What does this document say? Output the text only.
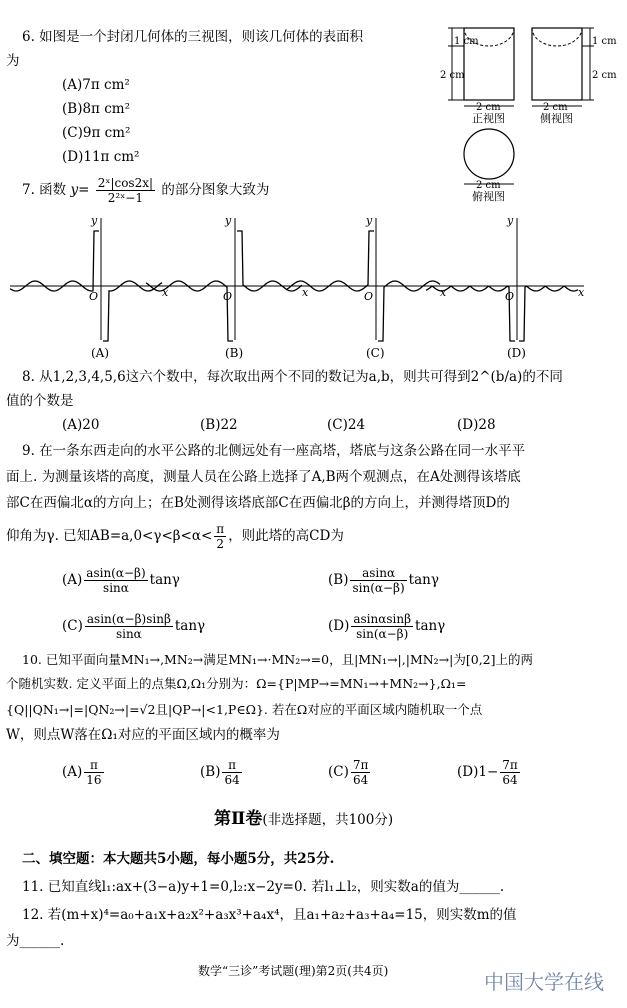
6. 如图是一个封闭几何体的三视图，则该几何体的表面积
为
(A)7π cm²
(B)8π cm²
(C)9π cm²
(D)11π cm²
1 cm
2 cm
2 cm
正视图
1 cm
2 cm
2 cm
侧视图
2 cm
俯视图
7. 函数 $y= \frac{\text{2ˣ|cos2x|}}{\text{2²ˣ−1}}$ 的部分图象大致为
x
y
O
(A)
x
y
O
(B)
x
y
O
(C)
x
y
O
(D)
8. 从1,2,3,4,5,6这六个数中，每次取出两个不同的数记为a,b，则共可得到2^(b/a)的不同
值的个数是
(A)20	(B)22	(C)24	(D)28
9. 在一条东西走向的水平公路的北侧远处有一座高塔，塔底与这条公路在同一水平平
面上. 为测量该塔的高度，测量人员在公路上选择了A,B两个观测点，在A处测得该塔底
部C在西偏北α的方向上；在B处测得该塔底部C在西偏北β的方向上，并测得塔顶D的
仰角为γ. 已知$AB=a,0<\gamma<\beta<\alpha< \frac{\pi}{2}$ ，则此塔的高CD为
$(A) \frac{asin(\alpha-\beta)}{\sin\alpha}$ tanγ	$(B) \frac{asin\alpha}{\sin(\alpha-\beta)}$ tanγ
$(C) \frac{asin(\alpha-\beta)\sin\beta}{\sin\alpha}$ tanγ	$(D) \frac{asin\alpha\sin\beta}{\sin(\alpha-\beta)}$ tanγ
10. 已知平面向量MN₁→,MN₂→满足MN₁→·MN₂→=0，且|MN₁→|,|MN₂→|为[0,2]上的两
个随机实数. 定义平面上的点集Ω,Ω₁分别为：Ω={P|MP→=MN₁→+MN₂→},Ω₁=
{Q||QN₁→|=|QN₂→|=√2且|QP→|<1,P∈Ω}. 若在Ω对应的平面区域内随机取一个点
W，则点W落在Ω₁对应的平面区域内的概率为
$(A) \frac{\pi}{16}$	$(B) \frac{\pi}{64}$	$(C) \frac{7\pi}{64}$	$(D)1- \frac{7\pi}{64}$
第Ⅱ卷(非选择题，共100分)
二、填空题：本大题共5小题，每小题5分，共25分.
11. 已知直线l₁:ax+(3−a)y+1=0,l₂:x−2y=0. 若l₁⊥l₂，则实数a的值为______.
12. 若(m+x)⁴=a₀+a₁x+a₂x²+a₃x³+a₄x⁴，且a₁+a₂+a₃+a₄=15，则实数m的值
为______.
数学“三诊”考试题(理)第2页(共4页)	中国大学在线
